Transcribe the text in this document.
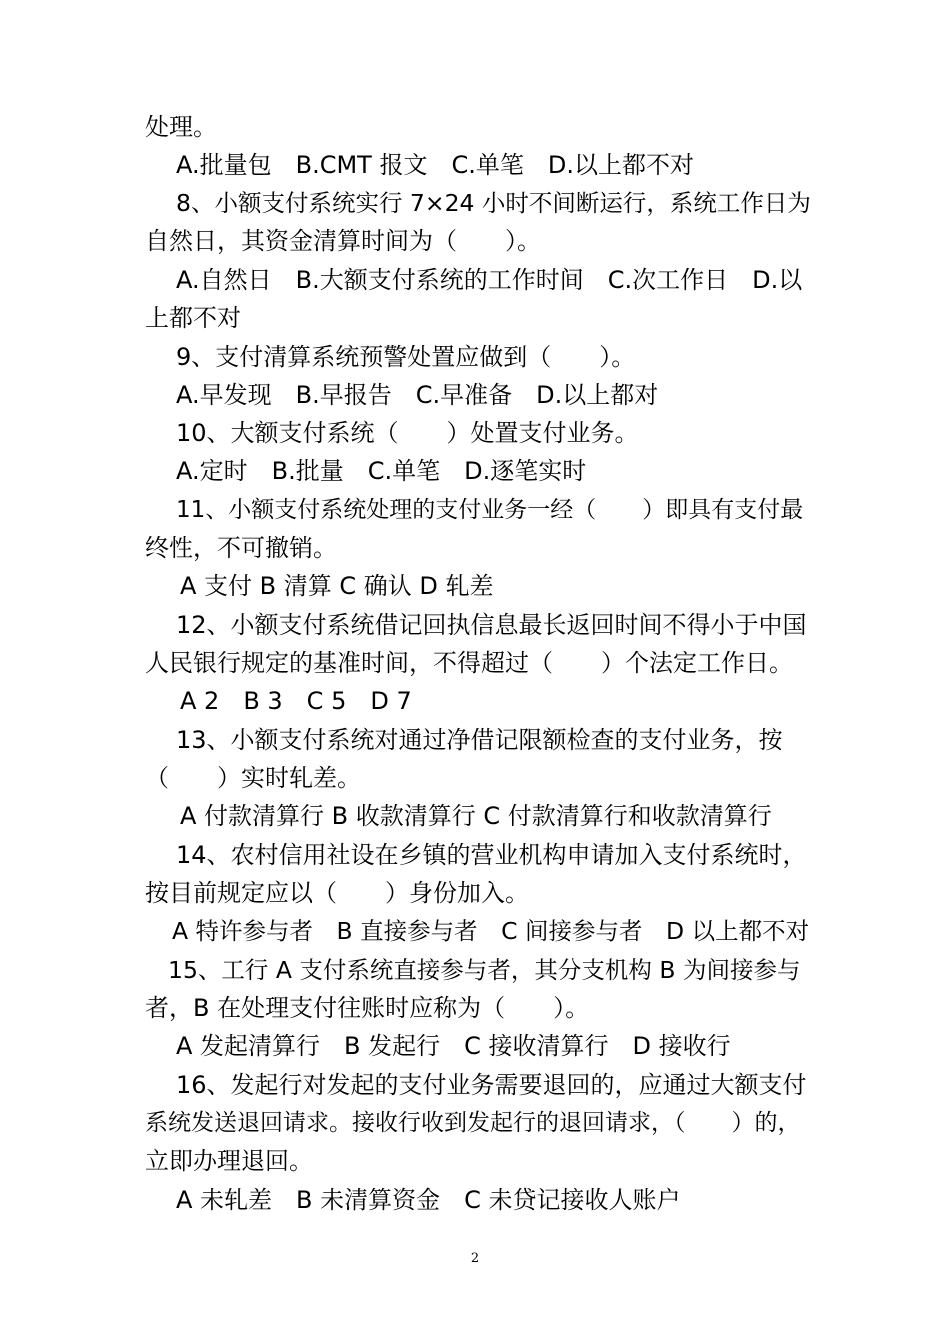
处理。
A.批量包　B.CMT 报文　C.单笔　D.以上都不对
8、小额支付系统实行 7×24 小时不间断运行，系统工作日为
自然日，其资金清算时间为（　　）。
A.自然日　B.大额支付系统的工作时间　C.次工作日　D.以
上都不对
9、支付清算系统预警处置应做到（　　）。
A.早发现　B.早报告　C.早准备　D.以上都对
10、大额支付系统（　　）处置支付业务。
A.定时　B.批量　C.单笔　D.逐笔实时
11、小额支付系统处理的支付业务一经（　　）即具有支付最
终性，不可撤销。
A 支付 B 清算 C 确认 D 轧差
12、小额支付系统借记回执信息最长返回时间不得小于中国
人民银行规定的基准时间，不得超过（　　）个法定工作日。
A 2　B 3　C 5　D 7
13、小额支付系统对通过净借记限额检查的支付业务，按
（　　）实时轧差。
A 付款清算行 B 收款清算行 C 付款清算行和收款清算行
14、农村信用社设在乡镇的营业机构申请加入支付系统时，
按目前规定应以（　　）身份加入。
A 特许参与者　B 直接参与者　C 间接参与者　D 以上都不对
15、工行 A 支付系统直接参与者，其分支机构 B 为间接参与
者，B 在处理支付往账时应称为（　　）。
A 发起清算行　B 发起行　C 接收清算行　D 接收行
16、发起行对发起的支付业务需要退回的，应通过大额支付
系统发送退回请求。接收行收到发起行的退回请求，（　　）的，
立即办理退回。
A 未轧差　B 未清算资金　C 未贷记接收人账户
2
